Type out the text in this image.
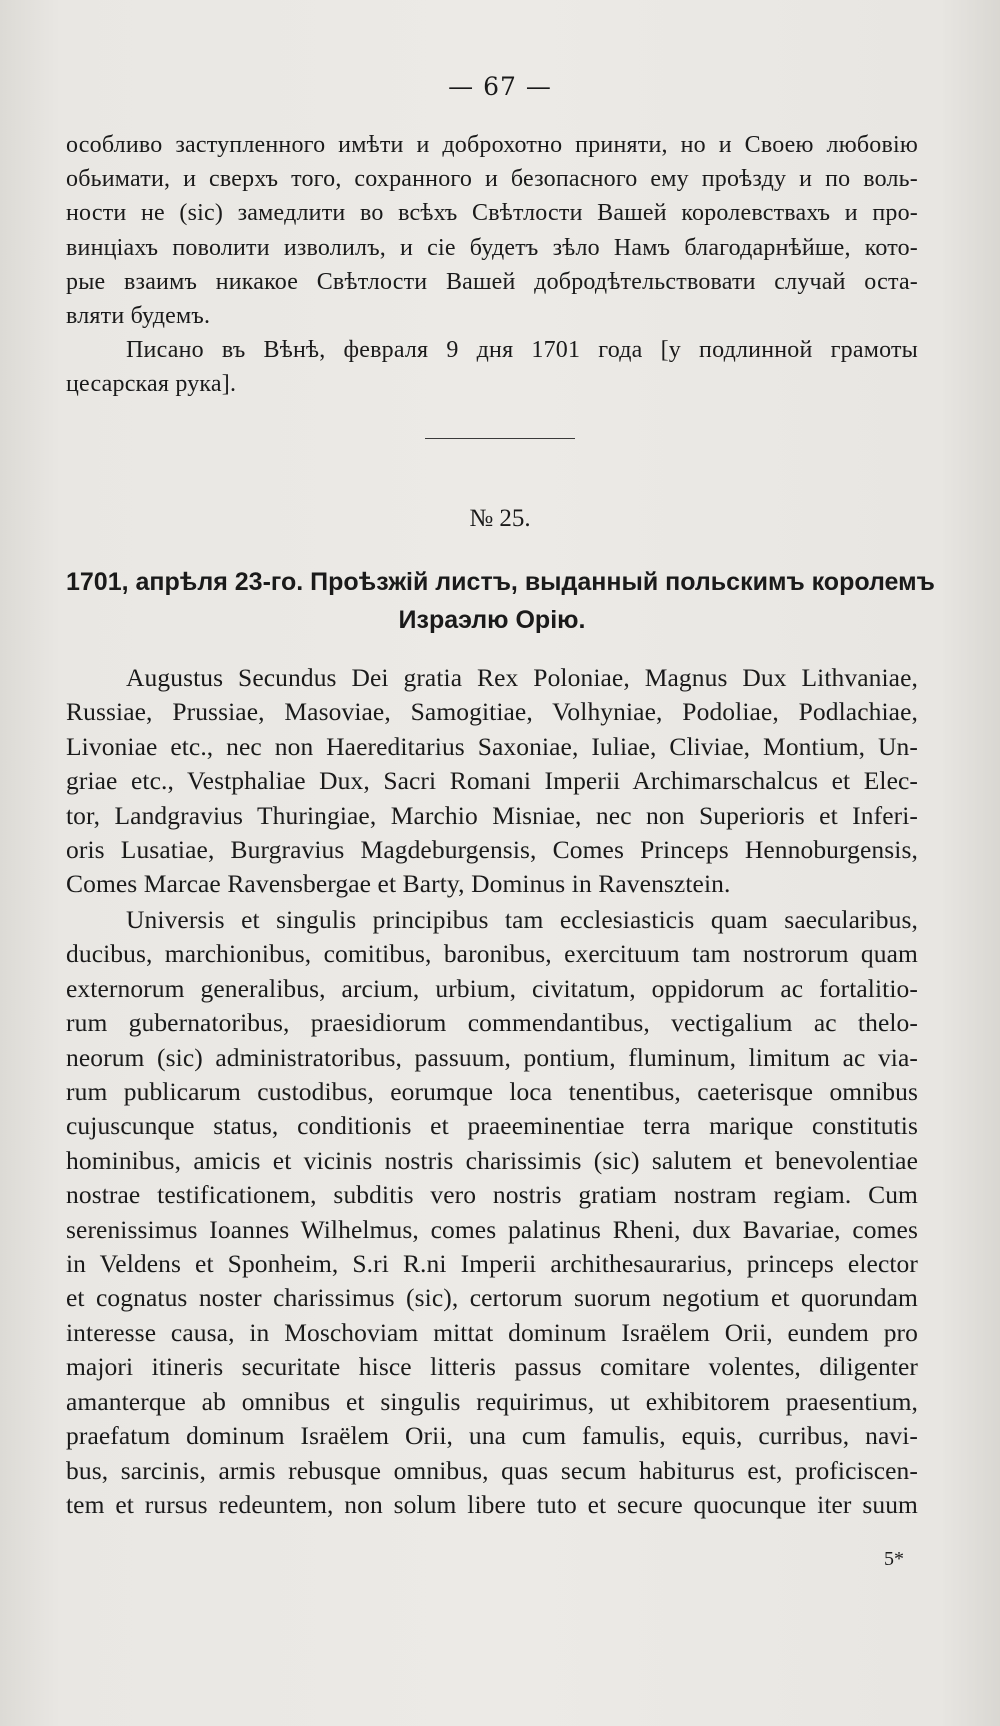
— 67 —
особливо заступленного имѣти и доброхотно приняти, но и Своею любовію
обьимати, и сверхъ того, сохранного и безопасного ему проѣзду и по воль-
ности не (sic) замедлити во всѣхъ Свѣтлости Вашей королевствахъ и про-
винціахъ поволити изволилъ, и сіе будетъ зѣло Намъ благодарнѣйше, кото-
рые взаимъ никакое Свѣтлости Вашей добродѣтельствовати случай оста-
вляти будемъ.
Писано въ Вѣнѣ, февраля 9 дня 1701 года [у подлинной грамоты
цесарская рука].
№ 25.
1701, апрѣля 23-го. Проѣзжій листъ, выданный польскимъ королемъ
Израэлю Орію.
Augustus Secundus Dei gratia Rex Poloniae, Magnus Dux Lithvaniae,
Russiae, Prussiae, Masoviae, Samogitiae, Volhyniae, Podoliae, Podlachiae,
Livoniae etc., nec non Haereditarius Saxoniae, Iuliae, Cliviae, Montium, Un-
griae etc., Vestphaliae Dux, Sacri Romani Imperii Archimarschalcus et Elec-
tor, Landgravius Thuringiae, Marchio Misniae, nec non Superioris et Inferi-
oris Lusatiae, Burgravius Magdeburgensis, Comes Princeps Hennoburgensis,
Comes Marcae Ravensbergae et Barty, Dominus in Ravensztein.
Universis et singulis principibus tam ecclesiasticis quam saecularibus,
ducibus, marchionibus, comitibus, baronibus, exercituum tam nostrorum quam
externorum generalibus, arcium, urbium, civitatum, oppidorum ac fortalitio-
rum gubernatoribus, praesidiorum commendantibus, vectigalium ac thelo-
neorum (sic) administratoribus, passuum, pontium, fluminum, limitum ac via-
rum publicarum custodibus, eorumque loca tenentibus, caeterisque omnibus
cujuscunque status, conditionis et praeeminentiae terra marique constitutis
hominibus, amicis et vicinis nostris charissimis (sic) salutem et benevolentiae
nostrae testificationem, subditis vero nostris gratiam nostram regiam. Cum
serenissimus Ioannes Wilhelmus, comes palatinus Rheni, dux Bavariae, comes
in Veldens et Sponheim, S.ri R.ni Imperii archithesaurarius, princeps elector
et cognatus noster charissimus (sic), certorum suorum negotium et quorundam
interesse causa, in Moschoviam mittat dominum Israëlem Orii, eundem pro
majori itineris securitate hisce litteris passus comitare volentes, diligenter
amanterque ab omnibus et singulis requirimus, ut exhibitorem praesentium,
praefatum dominum Israëlem Orii, una cum famulis, equis, curribus, navi-
bus, sarcinis, armis rebusque omnibus, quas secum habiturus est, proficiscen-
tem et rursus redeuntem, non solum libere tuto et secure quocunque iter suum
5*
